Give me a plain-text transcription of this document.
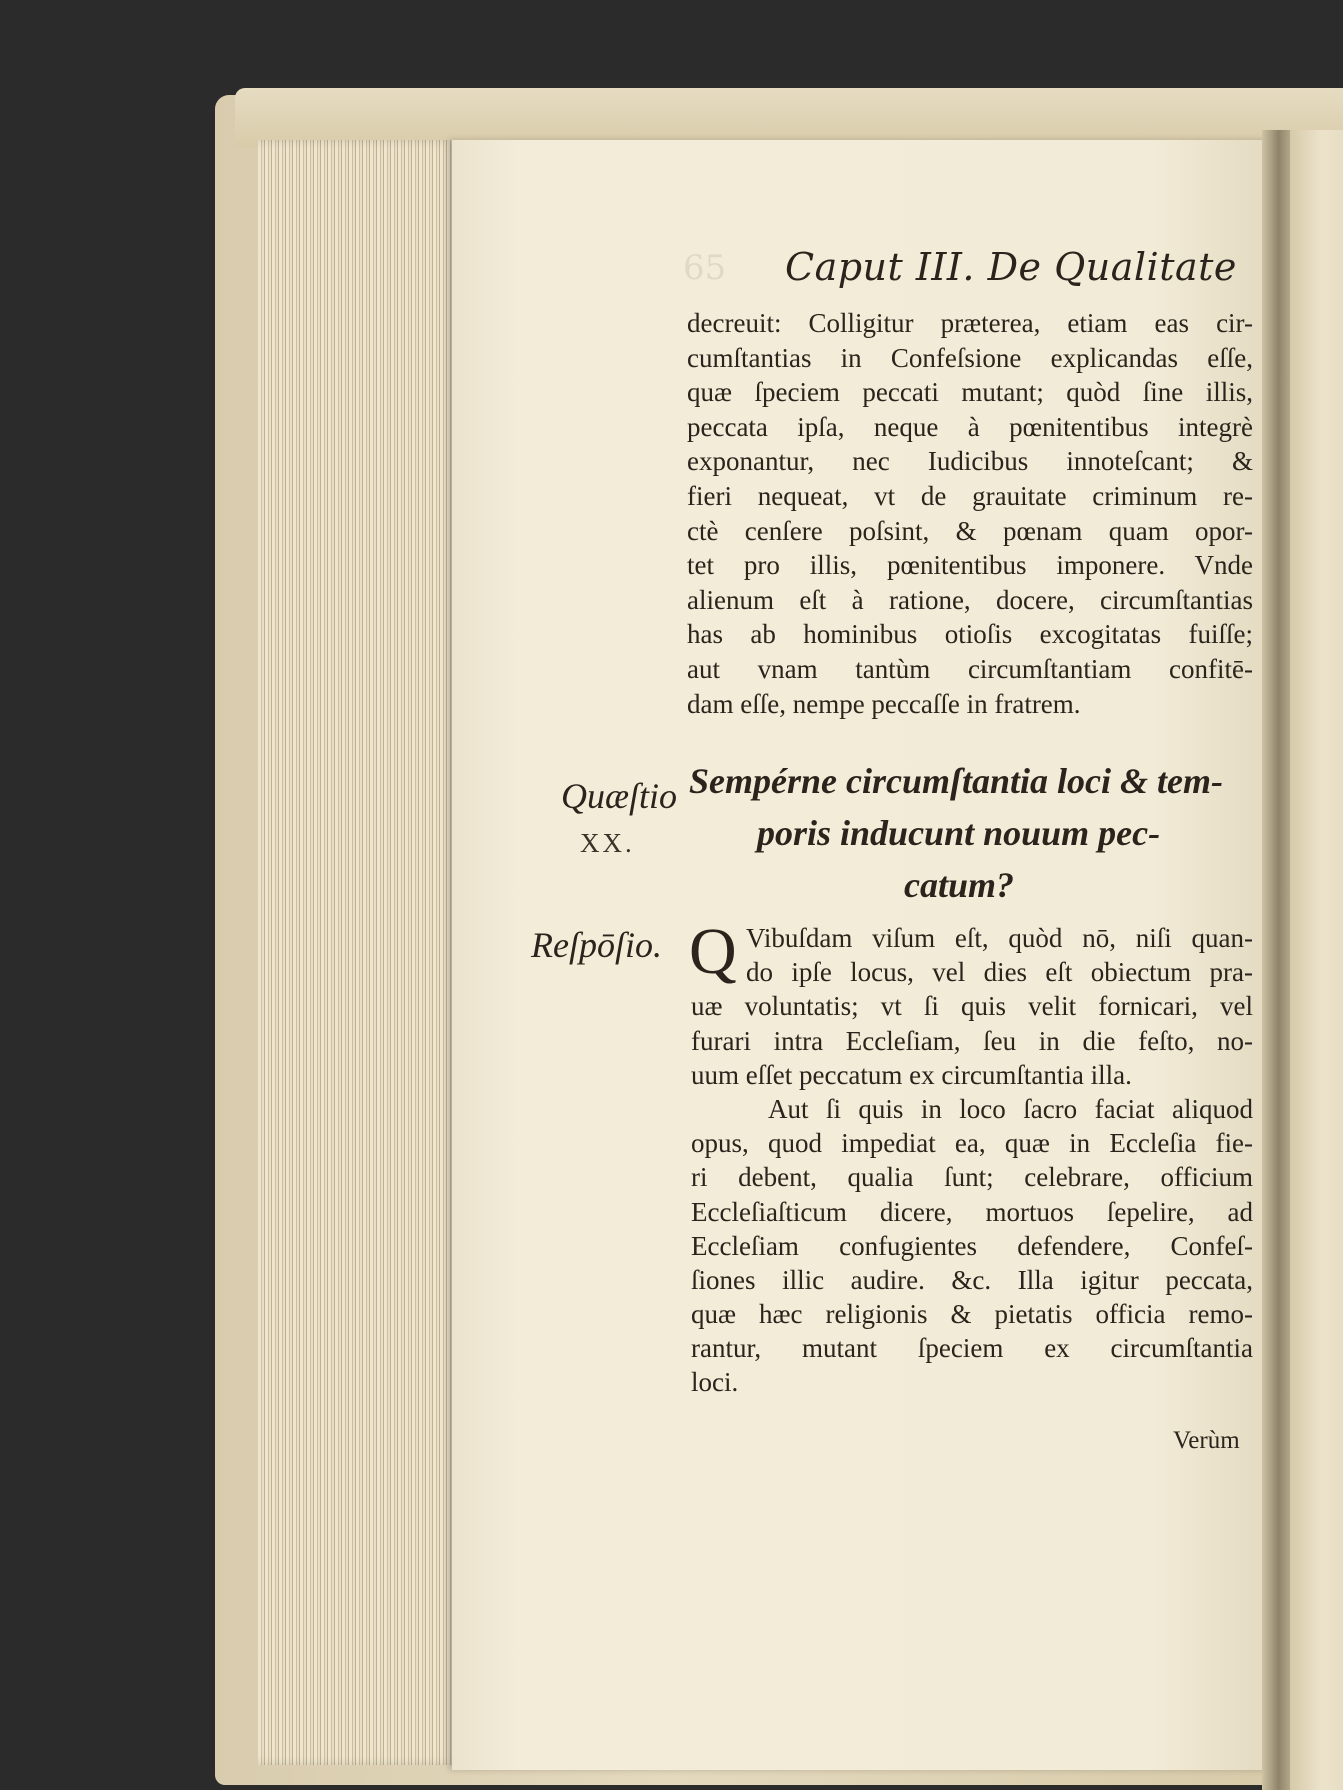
65 Caput III. De Qualitate
decreuit: Colligitur prӕterea, etiam eas cir-
cumſtantias in Confeſsione explicandas eſſe,
quӕ ſpeciem peccati mutant; quòd ſine illis,
peccata ipſa, neque à pœnitentibus integrè
exponantur, nec Iudicibus innoteſcant; &
fieri nequeat, vt de grauitate criminum re-
ctè cenſere poſsint, & pœnam quam opor-
tet pro illis, pœnitentibus imponere. Vnde
alienum eſt à ratione, docere, circumſtantias
has ab hominibus otioſis excogitatas fuiſſe;
aut vnam tantùm circumſtantiam confitē-
dam eſſe, nempe peccaſſe in fratrem.
Quӕſtio
XX.
Sempérne circumſtantia loci & tem-
poris inducunt nouum pec-
catum?
Reſpōſio. Q Vibuſdam viſum eſt, quòd nō, niſi quan-
do ipſe locus, vel dies eſt obiectum pra-
uӕ voluntatis; vt ſi quis velit fornicari, vel
furari intra Eccleſiam, ſeu in die feſto, no-
uum eſſet peccatum ex circumſtantia illa.
Aut ſi quis in loco ſacro faciat aliquod
opus, quod impediat ea, quӕ in Eccleſia fie-
ri debent, qualia ſunt; celebrare, officium
Eccleſiaſticum dicere, mortuos ſepelire, ad
Eccleſiam confugientes defendere, Confeſ-
ſiones illic audire. &c. Illa igitur peccata,
quӕ hӕc religionis & pietatis officia remo-
rantur, mutant ſpeciem ex circumſtantia
loci.
Verùm
